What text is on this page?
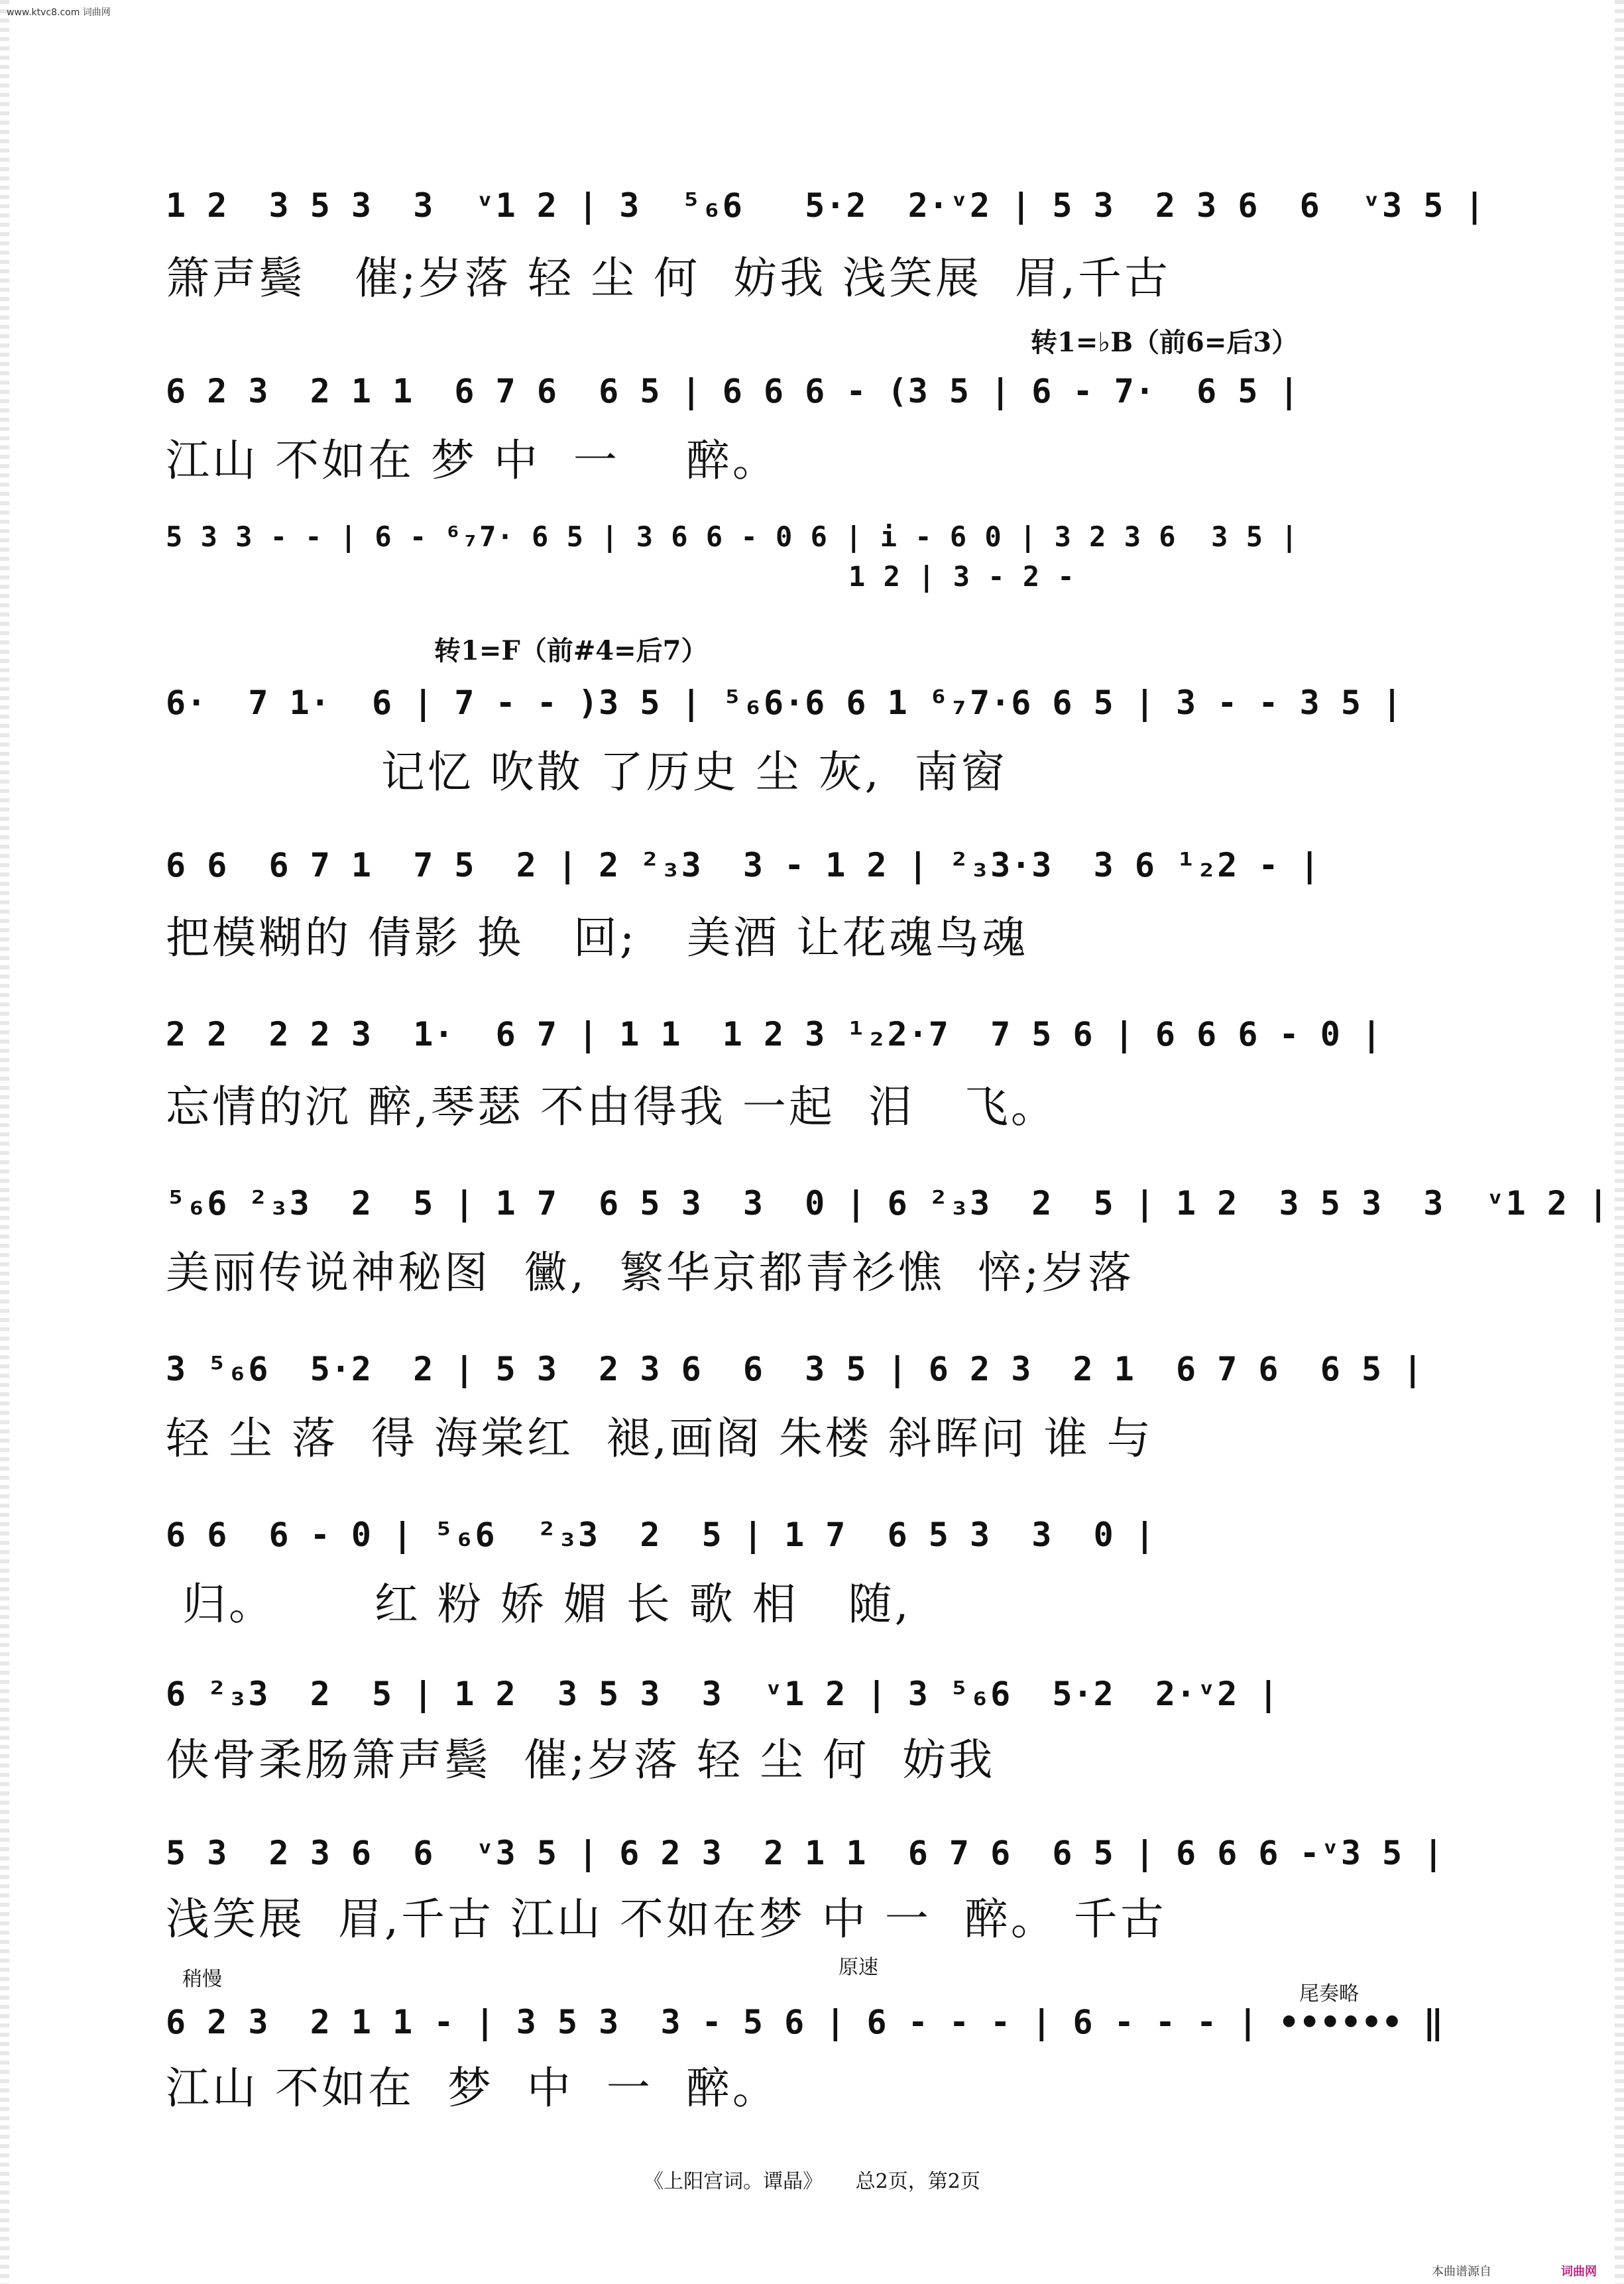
www.ktvc8.com 词曲网
1 2  3 5 3  3  ᵛ1 2 | 3  ⁵₆6   5·2  2·ᵛ2 | 5 3  2 3 6  6  ᵛ3 5 |
箫声鬓   催;岁落 轻 尘 何  妨我 浅笑展  眉,千古
转1=♭B（前6=后3）
6 2 3  2 1 1  6 7 6  6 5 | 6 6 6 - (3 5 | 6 - 7·  6 5 |
江山 不如在 梦 中  一    醉。
5 3 3 - - | 6 - ⁶₇7· 6 5 | 3 6 6 - 0 6 | i - 6 0 | 3 2 3 6  3 5 |
1 2 | 3 - 2 -
转1=F（前#4=后7）
6·  7 1·  6 | 7 - - )3 5 | ⁵₆6·6 6 1 ⁶₇7·6 6 5 | 3 - - 3 5 |
记忆 吹散 了历史 尘 灰,  南窗
6 6  6 7 1  7 5  2 | 2 ²₃3  3 - 1 2 | ²₃3·3  3 6 ¹₂2 - |
把模糊的 倩影 换   回;   美酒 让花魂鸟魂
2 2  2 2 3  1·  6 7 | 1 1  1 2 3 ¹₂2·7  7 5 6 | 6 6 6 - 0 |
忘情的沉 醉,琴瑟 不由得我 一起  泪   飞。
⁵₆6 ²₃3  2  5 | 1 7  6 5 3  3  0 | 6 ²₃3  2  5 | 1 2  3 5 3  3  ᵛ1 2 |
美丽传说神秘图  黴,  繁华京都青衫憔  悴;岁落
3 ⁵₆6  5·2  2 | 5 3  2 3 6  6  3 5 | 6 2 3  2 1  6 7 6  6 5 |
轻 尘 落  得 海棠红  褪,画阁 朱楼 斜晖问 谁 与
6 6  6 - 0 | ⁵₆6  ²₃3  2  5 | 1 7  6 5 3  3  0 |
归。      红 粉 娇 媚 长 歌 相   随,
6 ²₃3  2  5 | 1 2  3 5 3  3  ᵛ1 2 | 3 ⁵₆6  5·2  2·ᵛ2 |
侠骨柔肠箫声鬓  催;岁落 轻 尘 何  妨我
5 3  2 3 6  6  ᵛ3 5 | 6 2 3  2 1 1  6 7 6  6 5 | 6 6 6 -ᵛ3 5 |
浅笑展  眉,千古 江山 不如在梦 中 一  醉。 千古
稍慢
原速
尾奏略
6 2 3  2 1 1 - | 3 5 3  3 - 5 6 | 6 - - - | 6 - - - | •••••• ‖
江山 不如在  梦  中  一  醉。
《上阳宫词。谭晶》 总2页，第2页
本曲谱源自	词曲网
